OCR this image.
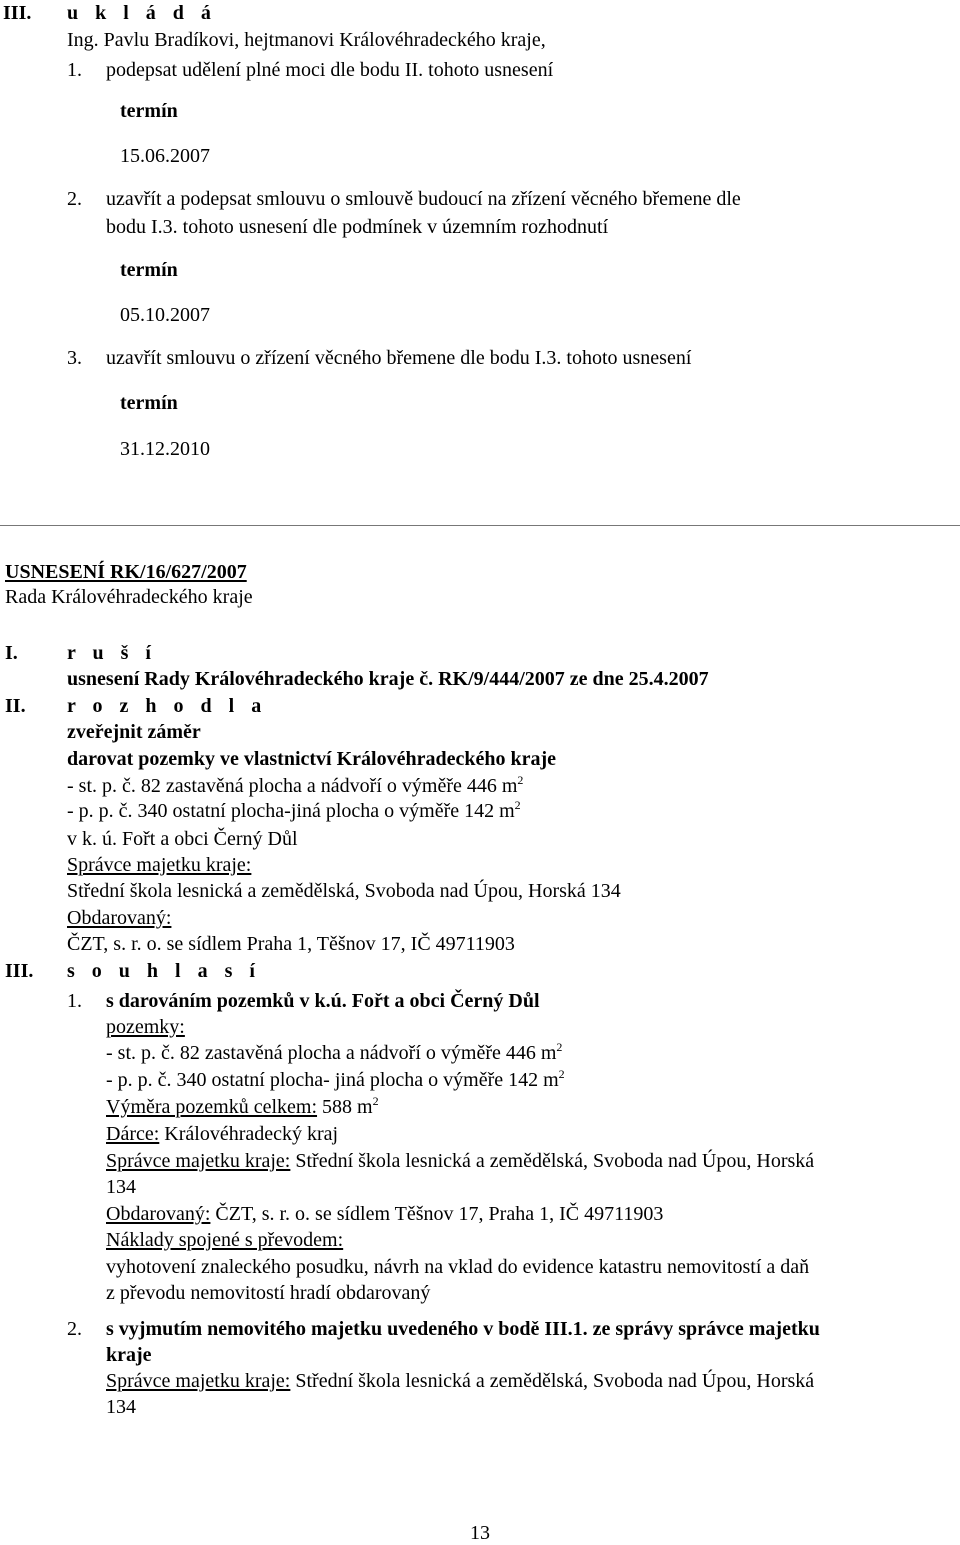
III. u k l á d á
Ing. Pavlu Bradíkovi, hejtmanovi Královéhradeckého kraje,
1. podepsat udělení plné moci dle bodu II. tohoto usnesení
termín
15.06.2007
2. uzavřít a podepsat smlouvu o smlouvě budoucí na zřízení věcného břemene dle
bodu I.3. tohoto usnesení dle podmínek v územním rozhodnutí
termín
05.10.2007
3. uzavřít smlouvu o zřízení věcného břemene dle bodu I.3. tohoto usnesení
termín
31.12.2010
USNESENÍ RK/16/627/2007
Rada Královéhradeckého kraje
I. r u š í
usnesení Rady Královéhradeckého kraje č. RK/9/444/2007 ze dne 25.4.2007
II. r o z h o d l a
zveřejnit záměr
darovat pozemky ve vlastnictví Královéhradeckého kraje
- st. p. č. 82 zastavěná plocha a nádvoří o výměře 446 $m^2$
- p. p. č. 340 ostatní plocha-jiná plocha o výměře 142 $m^2$
v k. ú. Fořt a obci Černý Důl
Správce majetku kraje:
Střední škola lesnická a zemědělská, Svoboda nad Úpou, Horská 134
Obdarovaný:
ČZT, s. r. o. se sídlem Praha 1, Těšnov 17, IČ 49711903
III. s o u h l a s í
1. s darováním pozemků v k.ú. Fořt a obci Černý Důl
pozemky:
- st. p. č. 82 zastavěná plocha a nádvoří o výměře 446 $m^2$
- p. p. č. 340 ostatní plocha- jiná plocha o výměře 142 $m^2$
Výměra pozemků celkem: 588 $m^2$
Dárce: Královéhradecký kraj
Správce majetku kraje: Střední škola lesnická a zemědělská, Svoboda nad Úpou, Horská
134
Obdarovaný: ČZT, s. r. o. se sídlem Těšnov 17, Praha 1, IČ 49711903
Náklady spojené s převodem:
vyhotovení znaleckého posudku, návrh na vklad do evidence katastru nemovitostí a daň
z převodu nemovitostí hradí obdarovaný
2. s vyjmutím nemovitého majetku uvedeného v bodě III.1. ze správy správce majetku
kraje
Správce majetku kraje: Střední škola lesnická a zemědělská, Svoboda nad Úpou, Horská
134
13
